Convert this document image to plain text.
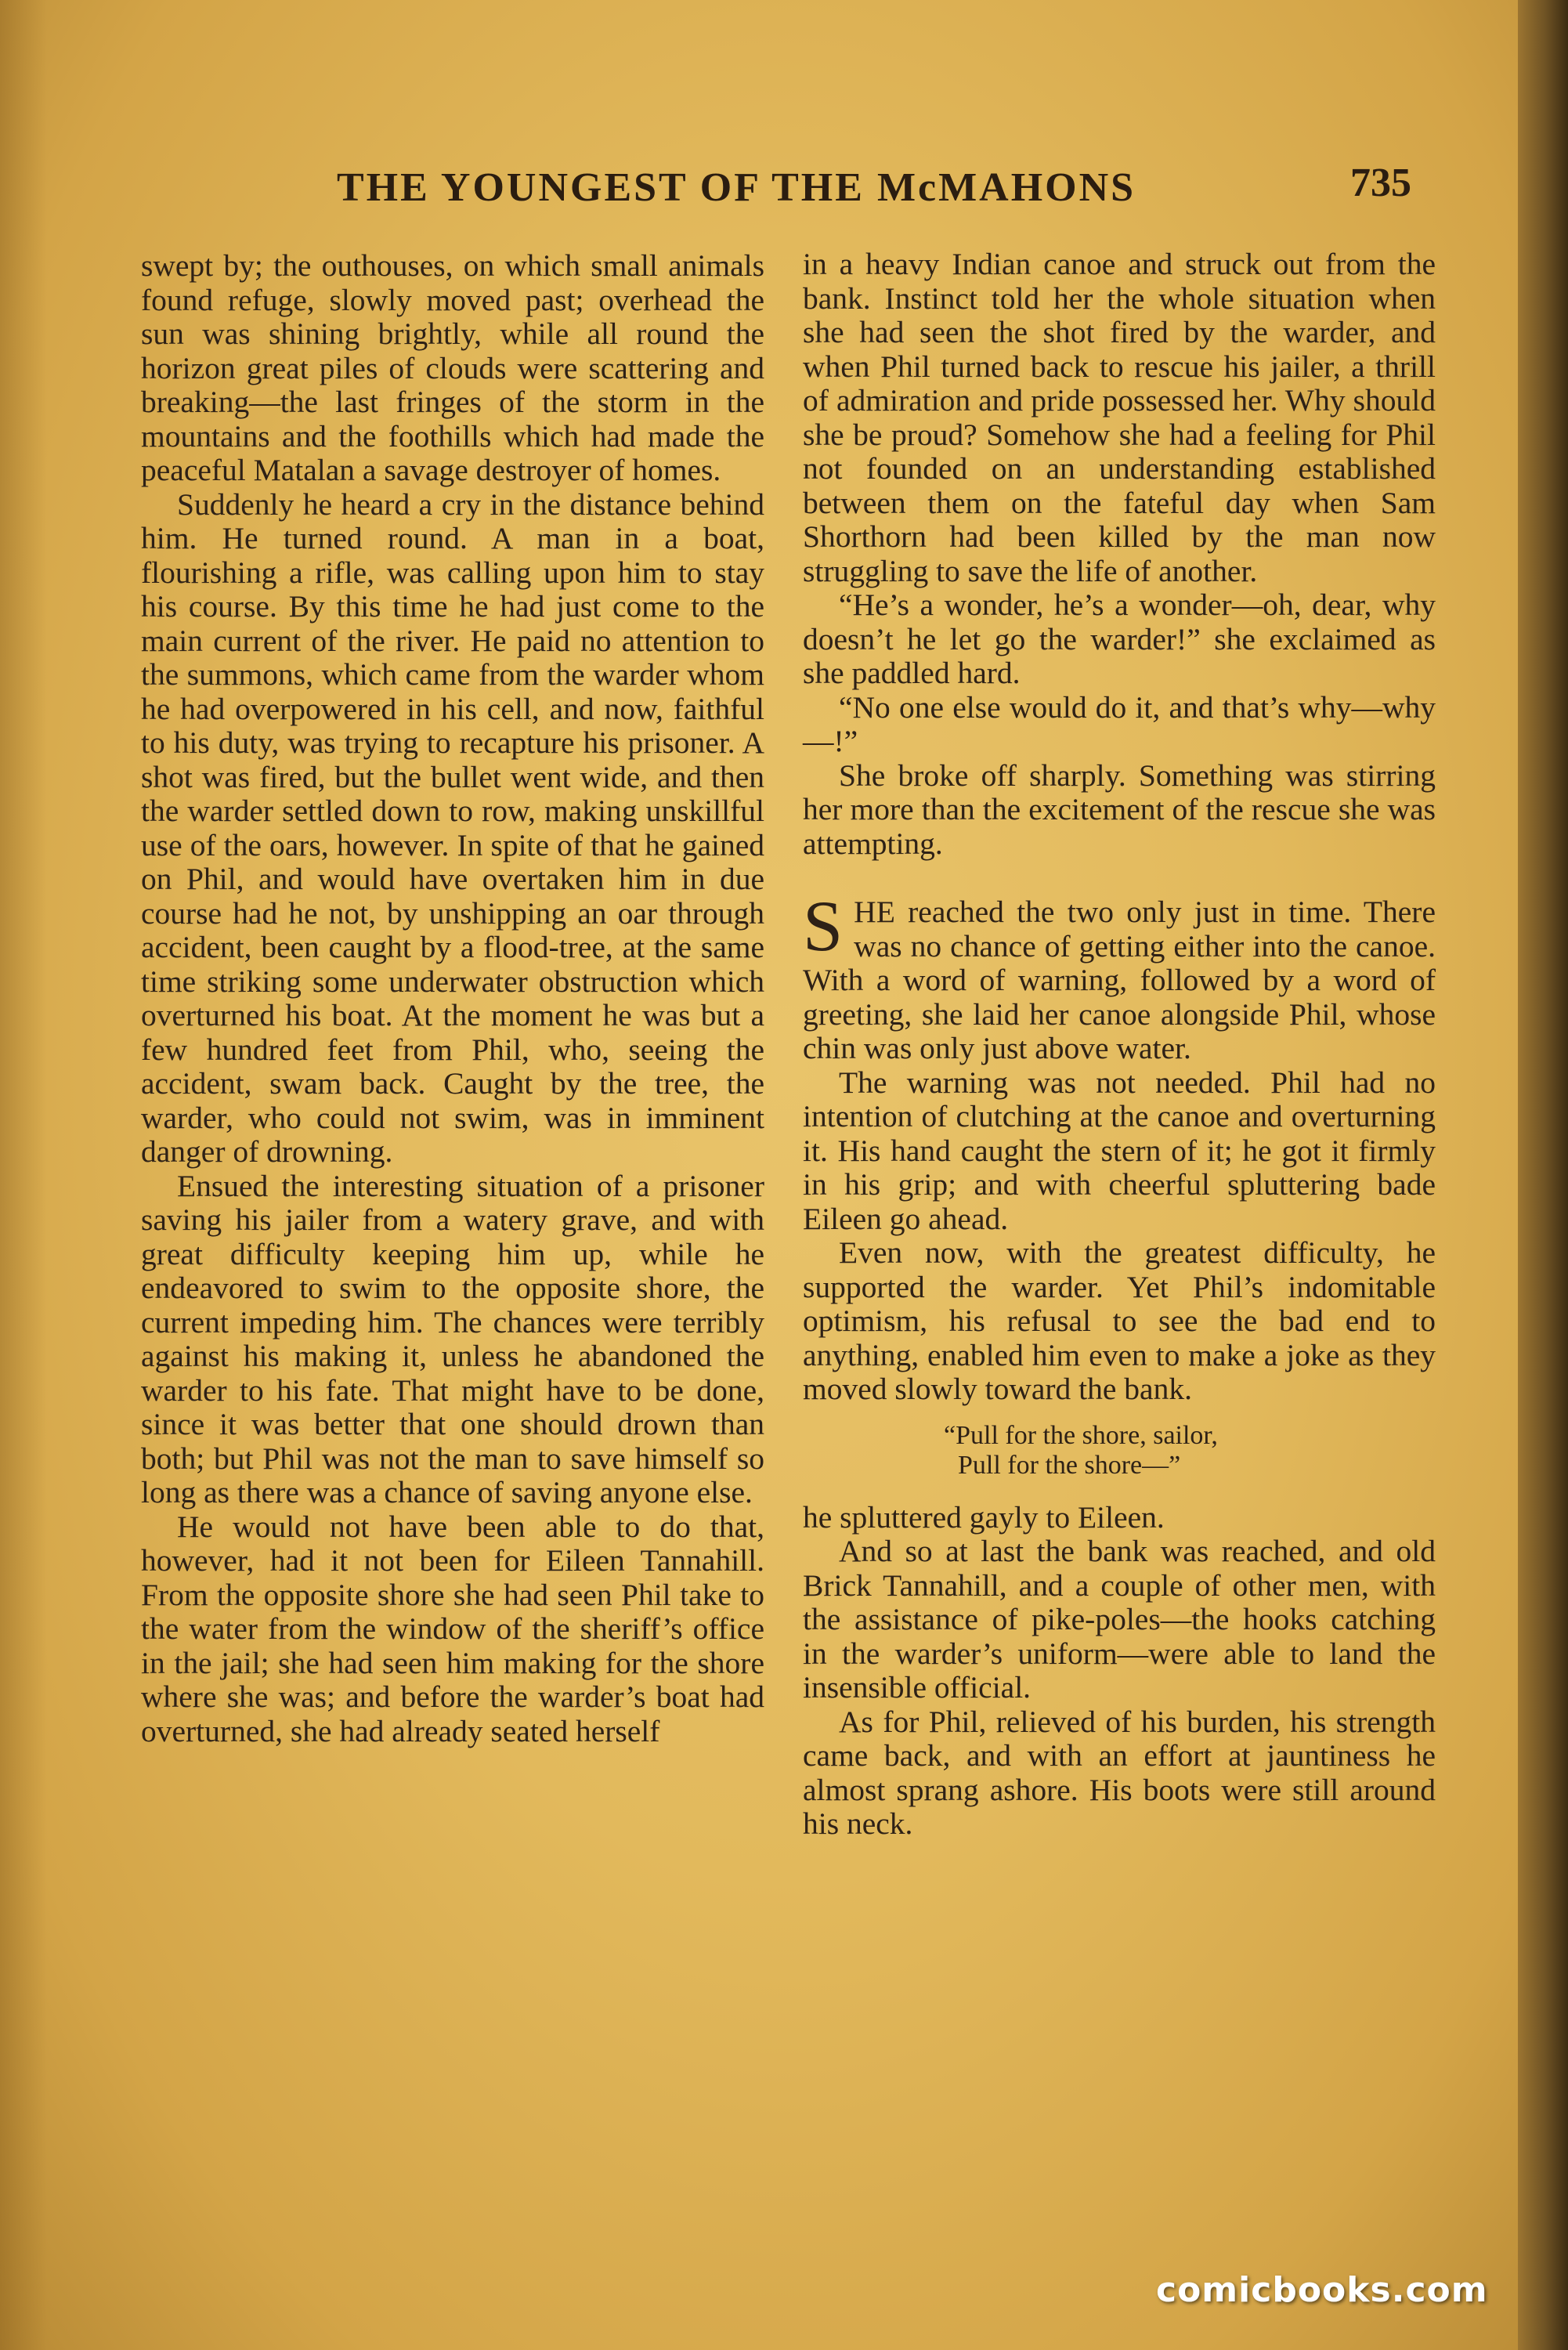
THE YOUNGEST OF THE McMAHONS	735

swept by; the outhouses, on which small animals found refuge, slowly moved past; overhead the sun was shining brightly, while all round the horizon great piles of clouds were scattering and breaking—the last fringes of the storm in the mountains and the foothills which had made the peaceful Matalan a savage destroyer of homes.

Suddenly he heard a cry in the distance behind him. He turned round. A man in a boat, flourishing a rifle, was calling upon him to stay his course. By this time he had just come to the main current of the river. He paid no attention to the summons, which came from the warder whom he had overpowered in his cell, and now, faithful to his duty, was trying to recapture his prisoner. A shot was fired, but the bullet went wide, and then the warder settled down to row, making unskillful use of the oars, however. In spite of that he gained on Phil, and would have overtaken him in due course had he not, by unshipping an oar through accident, been caught by a flood-tree, at the same time striking some underwater obstruction which overturned his boat. At the moment he was but a few hundred feet from Phil, who, seeing the accident, swam back. Caught by the tree, the warder, who could not swim, was in imminent danger of drowning.

Ensued the interesting situation of a prisoner saving his jailer from a watery grave, and with great difficulty keeping him up, while he endeavored to swim to the opposite shore, the current impeding him. The chances were terribly against his making it, unless he abandoned the warder to his fate. That might have to be done, since it was better that one should drown than both; but Phil was not the man to save himself so long as there was a chance of saving anyone else.

He would not have been able to do that, however, had it not been for Eileen Tannahill. From the opposite shore she had seen Phil take to the water from the window of the sheriff’s office in the jail; she had seen him making for the shore where she was; and before the warder’s boat had overturned, she had already seated herself

in a heavy Indian canoe and struck out from the bank. Instinct told her the whole situation when she had seen the shot fired by the warder, and when Phil turned back to rescue his jailer, a thrill of admiration and pride possessed her. Why should she be proud? Somehow she had a feeling for Phil not founded on an understanding established between them on the fateful day when Sam Shorthorn had been killed by the man now struggling to save the life of another.

“He’s a wonder, he’s a wonder—oh, dear, why doesn’t he let go the warder!” she exclaimed as she paddled hard.

“No one else would do it, and that’s why—why—!”

She broke off sharply. Something was stirring her more than the excitement of the rescue she was attempting.

SHE reached the two only just in time. There was no chance of getting either into the canoe. With a word of warning, followed by a word of greeting, she laid her canoe alongside Phil, whose chin was only just above water.

The warning was not needed. Phil had no intention of clutching at the canoe and overturning it. His hand caught the stern of it; he got it firmly in his grip; and with cheerful spluttering bade Eileen go ahead.

Even now, with the greatest difficulty, he supported the warder. Yet Phil’s indomitable optimism, his refusal to see the bad end to anything, enabled him even to make a joke as they moved slowly toward the bank.

“Pull for the shore, sailor,
Pull for the shore—”

he spluttered gayly to Eileen.

And so at last the bank was reached, and old Brick Tannahill, and a couple of other men, with the assistance of pike-poles—the hooks catching in the warder’s uniform—were able to land the insensible official.

As for Phil, relieved of his burden, his strength came back, and with an effort at jauntiness he almost sprang ashore. His boots were still around his neck.

comicbooks.com
